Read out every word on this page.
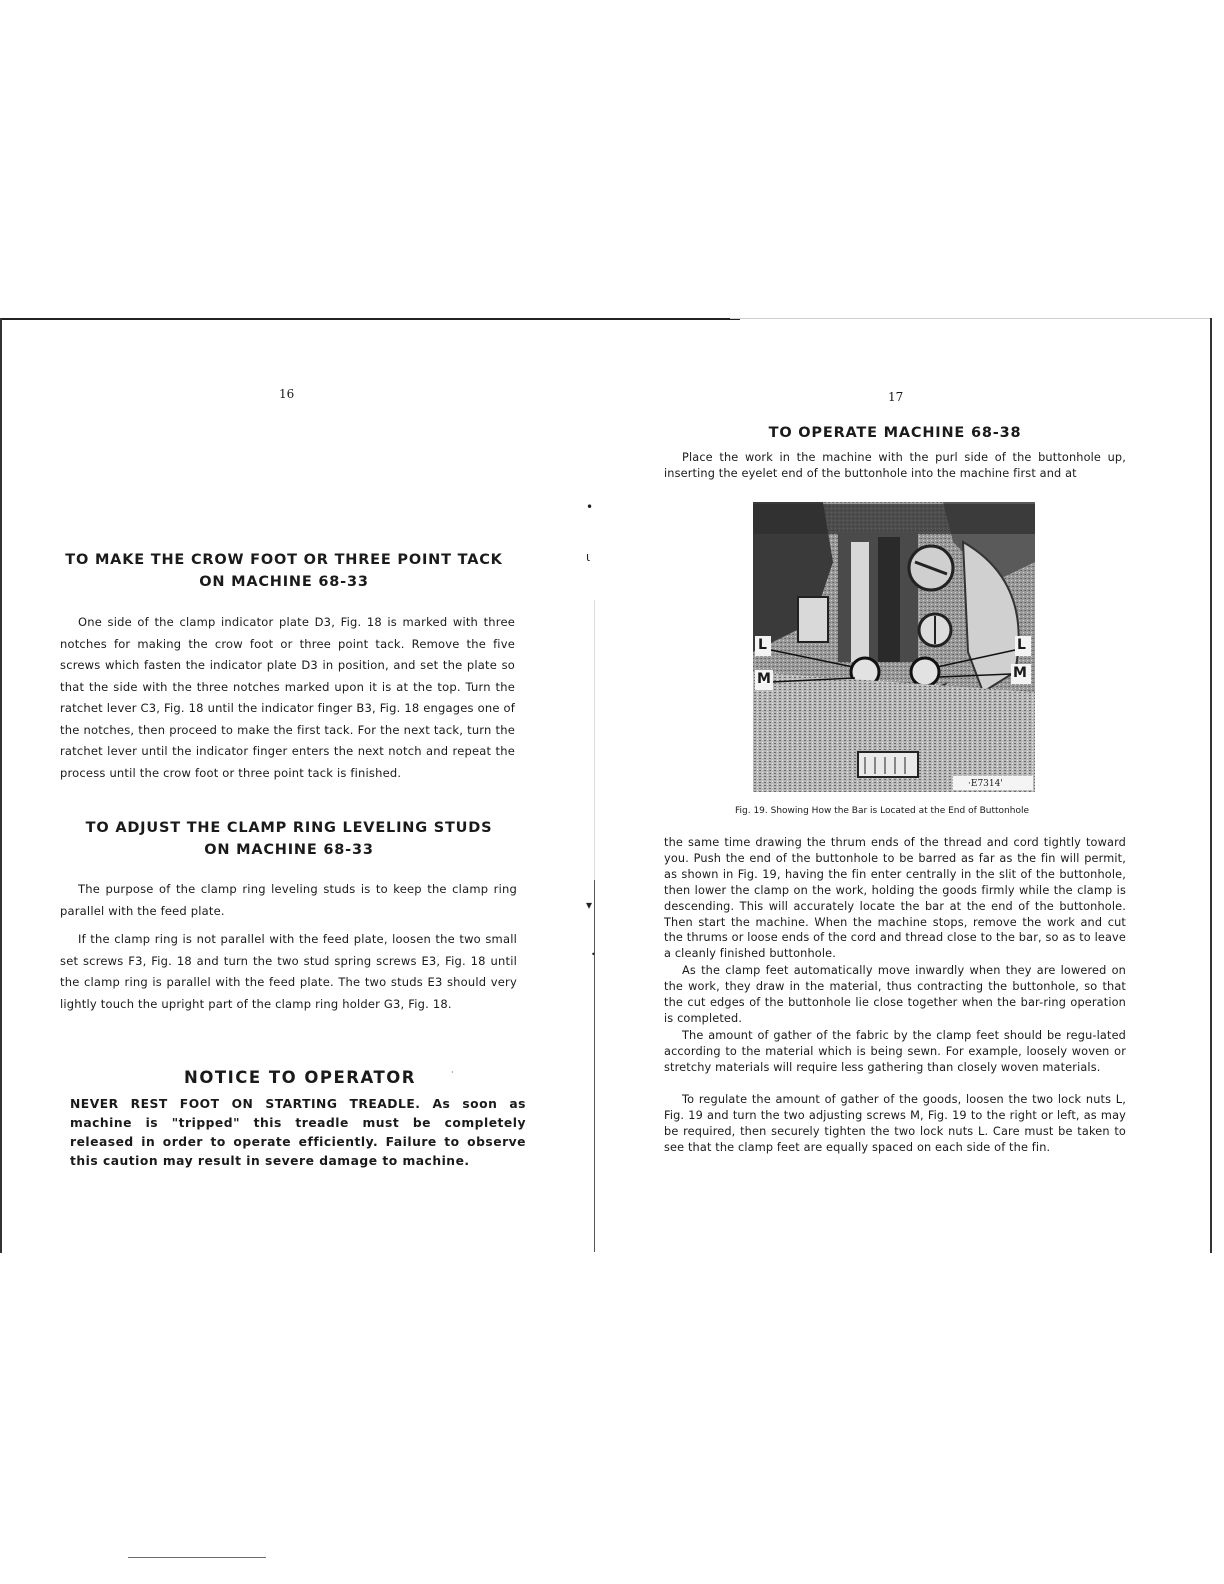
•
ι
▾
•
·
16
TO MAKE THE CROW FOOT OR THREE POINT TACK
ON MACHINE 68-33
One side of the clamp indicator plate D3, Fig. 18 is marked with three notches for making the crow foot or three point tack. Remove the five screws which fasten the indicator plate D3 in position, and set the plate so that the side with the three notches marked upon it is at the top. Turn the ratchet lever C3, Fig. 18 until the indicator finger B3, Fig. 18 engages one of the notches, then proceed to make the first tack. For the next tack, turn the ratchet lever until the indicator finger enters the next notch and repeat the process until the crow foot or three point tack is finished.
TO ADJUST THE CLAMP RING LEVELING STUDS
ON MACHINE 68-33
The purpose of the clamp ring leveling studs is to keep the clamp ring parallel with the feed plate.
If the clamp ring is not parallel with the feed plate, loosen the two small set screws F3, Fig. 18 and turn the two stud spring screws E3, Fig. 18 until the clamp ring is parallel with the feed plate. The two studs E3 should very lightly touch the upright part of the clamp ring holder G3, Fig. 18.
NOTICE TO OPERATOR
NEVER REST FOOT ON STARTING TREADLE. As soon as machine is "tripped" this treadle must be completely released in order to operate efficiently. Failure to observe this caution may result in severe damage to machine.
17
TO OPERATE MACHINE 68-38
Place the work in the machine with the purl side of the buttonhole up, inserting the eyelet end of the buttonhole into the machine first and at
L
M
L
M
·E7314'
Fig. 19. Showing How the Bar is Located at the End of Buttonhole
the same time drawing the thrum ends of the thread and cord tightly toward you. Push the end of the buttonhole to be barred as far as the fin will permit, as shown in Fig. 19, having the fin enter centrally in the slit of the buttonhole, then lower the clamp on the work, holding the goods firmly while the clamp is descending. This will accurately locate the bar at the end of the buttonhole. Then start the machine. When the machine stops, remove the work and cut the thrums or loose ends of the cord and thread close to the bar, so as to leave a cleanly finished buttonhole.
As the clamp feet automatically move inwardly when they are lowered on the work, they draw in the material, thus contracting the buttonhole, so that the cut edges of the buttonhole lie close together when the bar-ring operation is completed.
The amount of gather of the fabric by the clamp feet should be regu-lated according to the material which is being sewn. For example, loosely woven or stretchy materials will require less gathering than closely woven materials.
To regulate the amount of gather of the goods, loosen the two lock nuts L, Fig. 19 and turn the two adjusting screws M, Fig. 19 to the right or left, as may be required, then securely tighten the two lock nuts L. Care must be taken to see that the clamp feet are equally spaced on each side of the fin.
